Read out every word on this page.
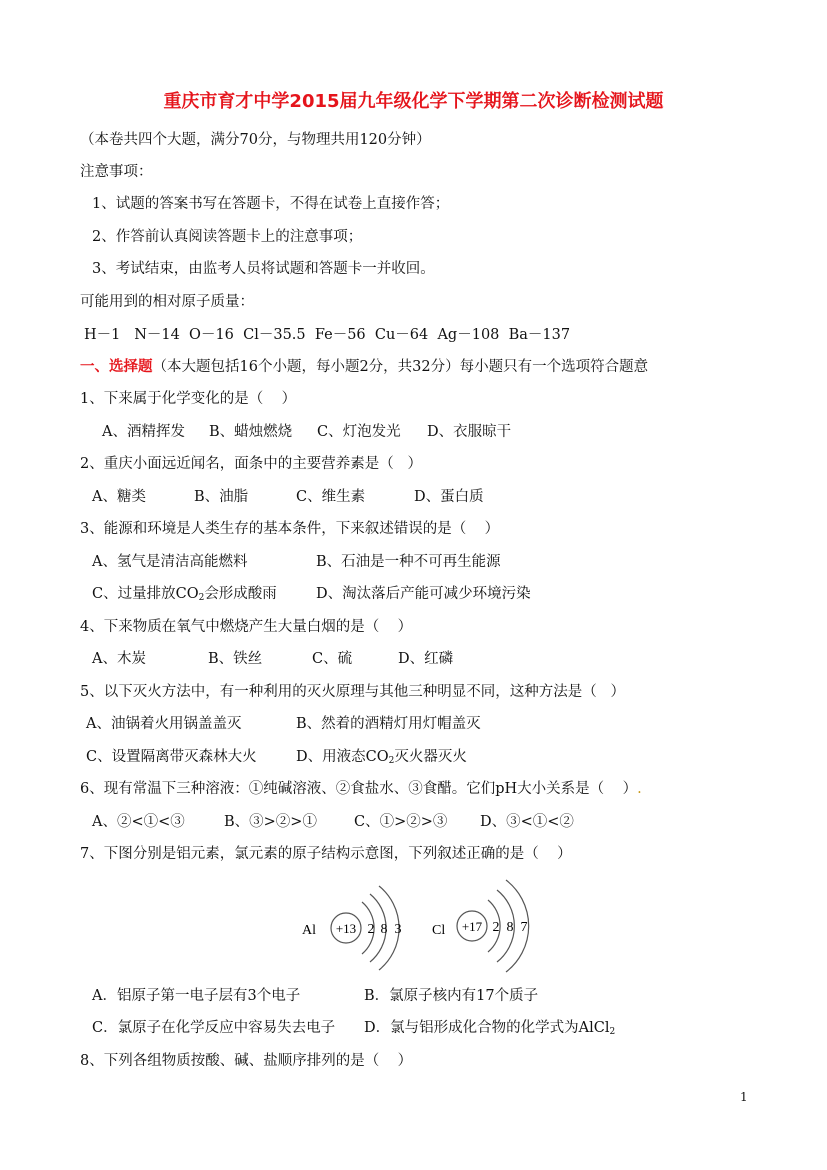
重庆市育才中学2015届九年级化学下学期第二次诊断检测试题
（本卷共四个大题，满分70分，与物理共用120分钟）
注意事项：
1、试题的答案书写在答题卡，不得在试卷上直接作答；
2、作答前认真阅读答题卡上的注意事项；
3、考试结束，由监考人员将试题和答题卡一并收回。
可能用到的相对原子质量：
H－1   N－14  O－16  Cl－35.5  Fe－56  Cu－64  Ag－108  Ba－137
一、选择题（本大题包括16个小题，每小题2分，共32分）每小题只有一个选项符合题意
1、下来属于化学变化的是（    ）
A、酒精挥发 B、蜡烛燃烧 C、灯泡发光 D、衣服晾干
2、重庆小面远近闻名，面条中的主要营养素是（   ）
A、糖类	B、油脂	C、维生素	D、蛋白质
3、能源和环境是人类生存的基本条件，下来叙述错误的是（    ）
A、氢气是清洁高能燃料	B、石油是一种不可再生能源
C、过量排放$CO_2$会形成酸雨	D、淘汰落后产能可减少环境污染
4、下来物质在氧气中燃烧产生大量白烟的是（    ）
A、木炭	B、铁丝	C、硫	D、红磷
5、以下灭火方法中，有一种利用的灭火原理与其他三种明显不同，这种方法是（   ）
A、油锅着火用锅盖盖灭	B、然着的酒精灯用灯帽盖灭
C、设置隔离带灭森林大火	D、用液态$CO_2$灭火器灭火
6、现有常温下三种溶液：①纯碱溶液、②食盐水、③食醋。它们pH大小关系是（    ）.
A、②<①<③	B、③>②>①	C、①>②>③ D、③<①<②
7、下图分别是铝元素，氯元素的原子结构示意图，下列叙述正确的是（    ）
Al +13 2 8 3 Cl +17 2 8 7
A．铝原子第一电子层有3个电子	B．氯原子核内有17个质子
C．氯原子在化学反应中容易失去电子 D．氯与铝形成化合物的化学式为AlCl$_2$
8、下列各组物质按酸、碱、盐顺序排列的是（    ）
1
